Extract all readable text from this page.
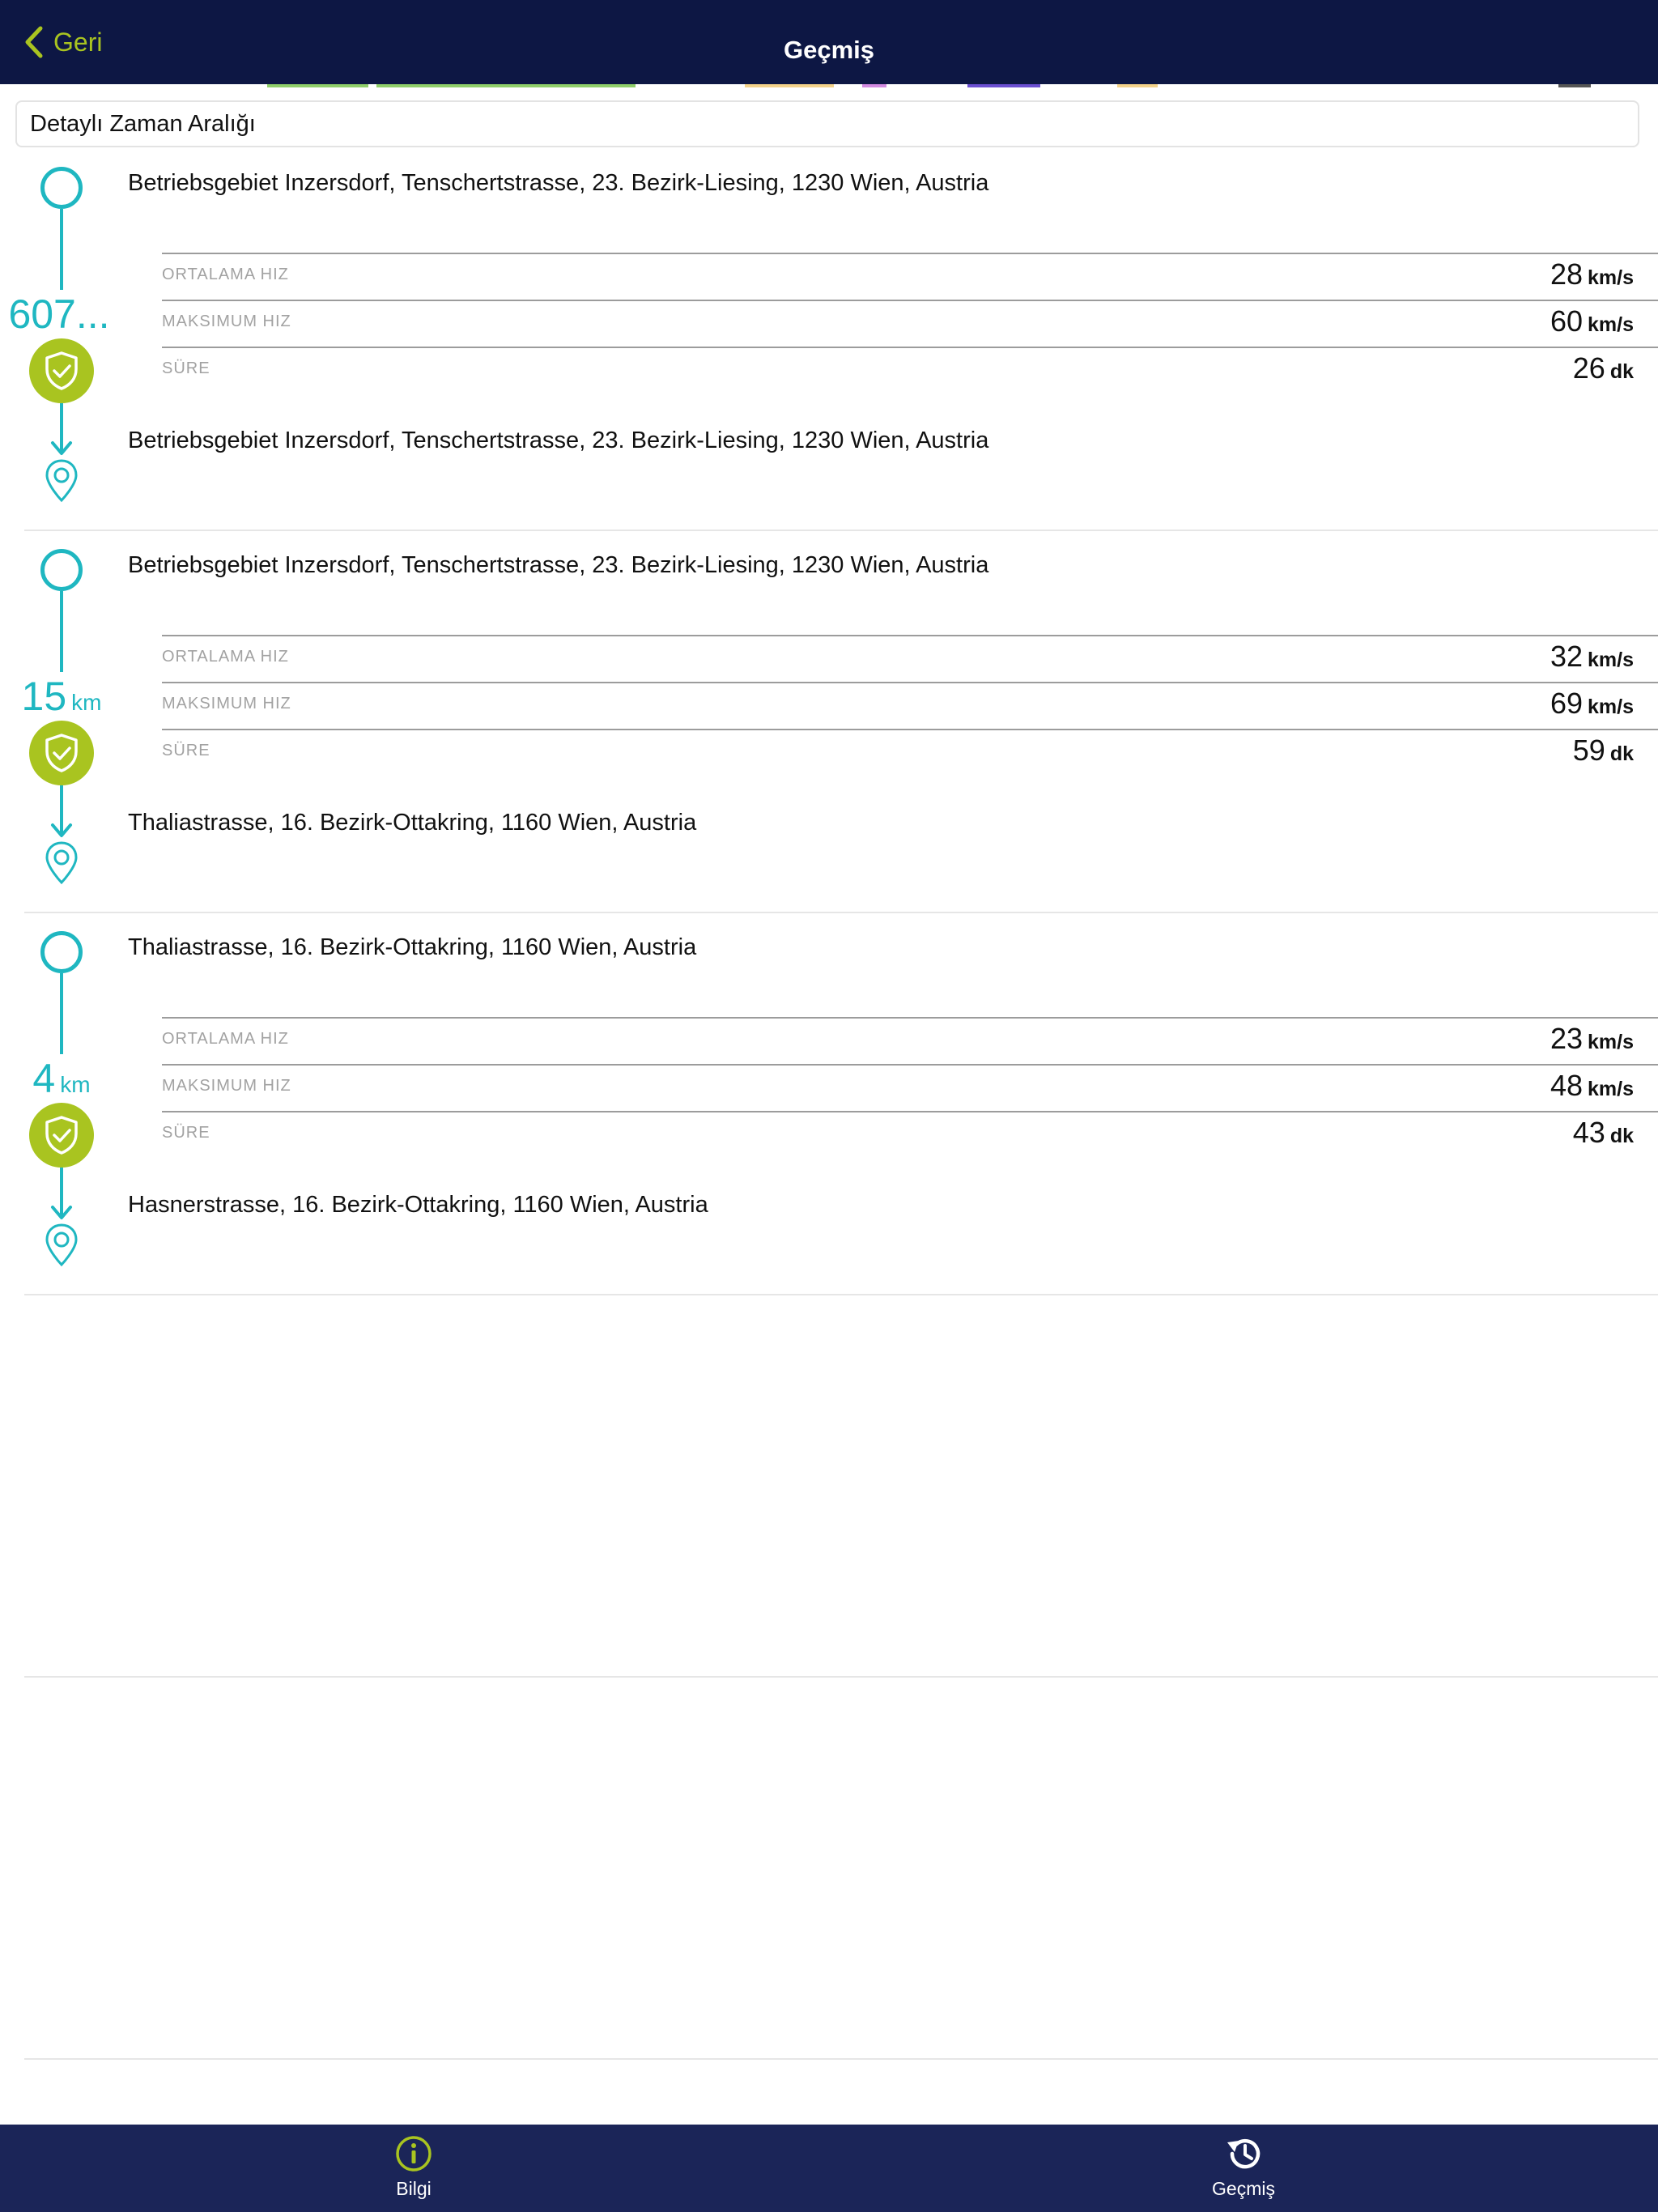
Geri	Geçmiş
Detaylı Zaman Aralığı
607...
Betriebsgebiet Inzersdorf, Tenschertstrasse, 23. Bezirk-Liesing, 1230 Wien, Austria
ORTALAMA HIZ	28 km/s
MAKSIMUM HIZ	60 km/s
SÜRE	26 dk
Betriebsgebiet Inzersdorf, Tenschertstrasse, 23. Bezirk-Liesing, 1230 Wien, Austria
15 km
Betriebsgebiet Inzersdorf, Tenschertstrasse, 23. Bezirk-Liesing, 1230 Wien, Austria
ORTALAMA HIZ	32 km/s
MAKSIMUM HIZ	69 km/s
SÜRE	59 dk
Thaliastrasse, 16. Bezirk-Ottakring, 1160 Wien, Austria
4 km
Thaliastrasse, 16. Bezirk-Ottakring, 1160 Wien, Austria
ORTALAMA HIZ	23 km/s
MAKSIMUM HIZ	48 km/s
SÜRE	43 dk
Hasnerstrasse, 16. Bezirk-Ottakring, 1160 Wien, Austria
Bilgi	Geçmiş
